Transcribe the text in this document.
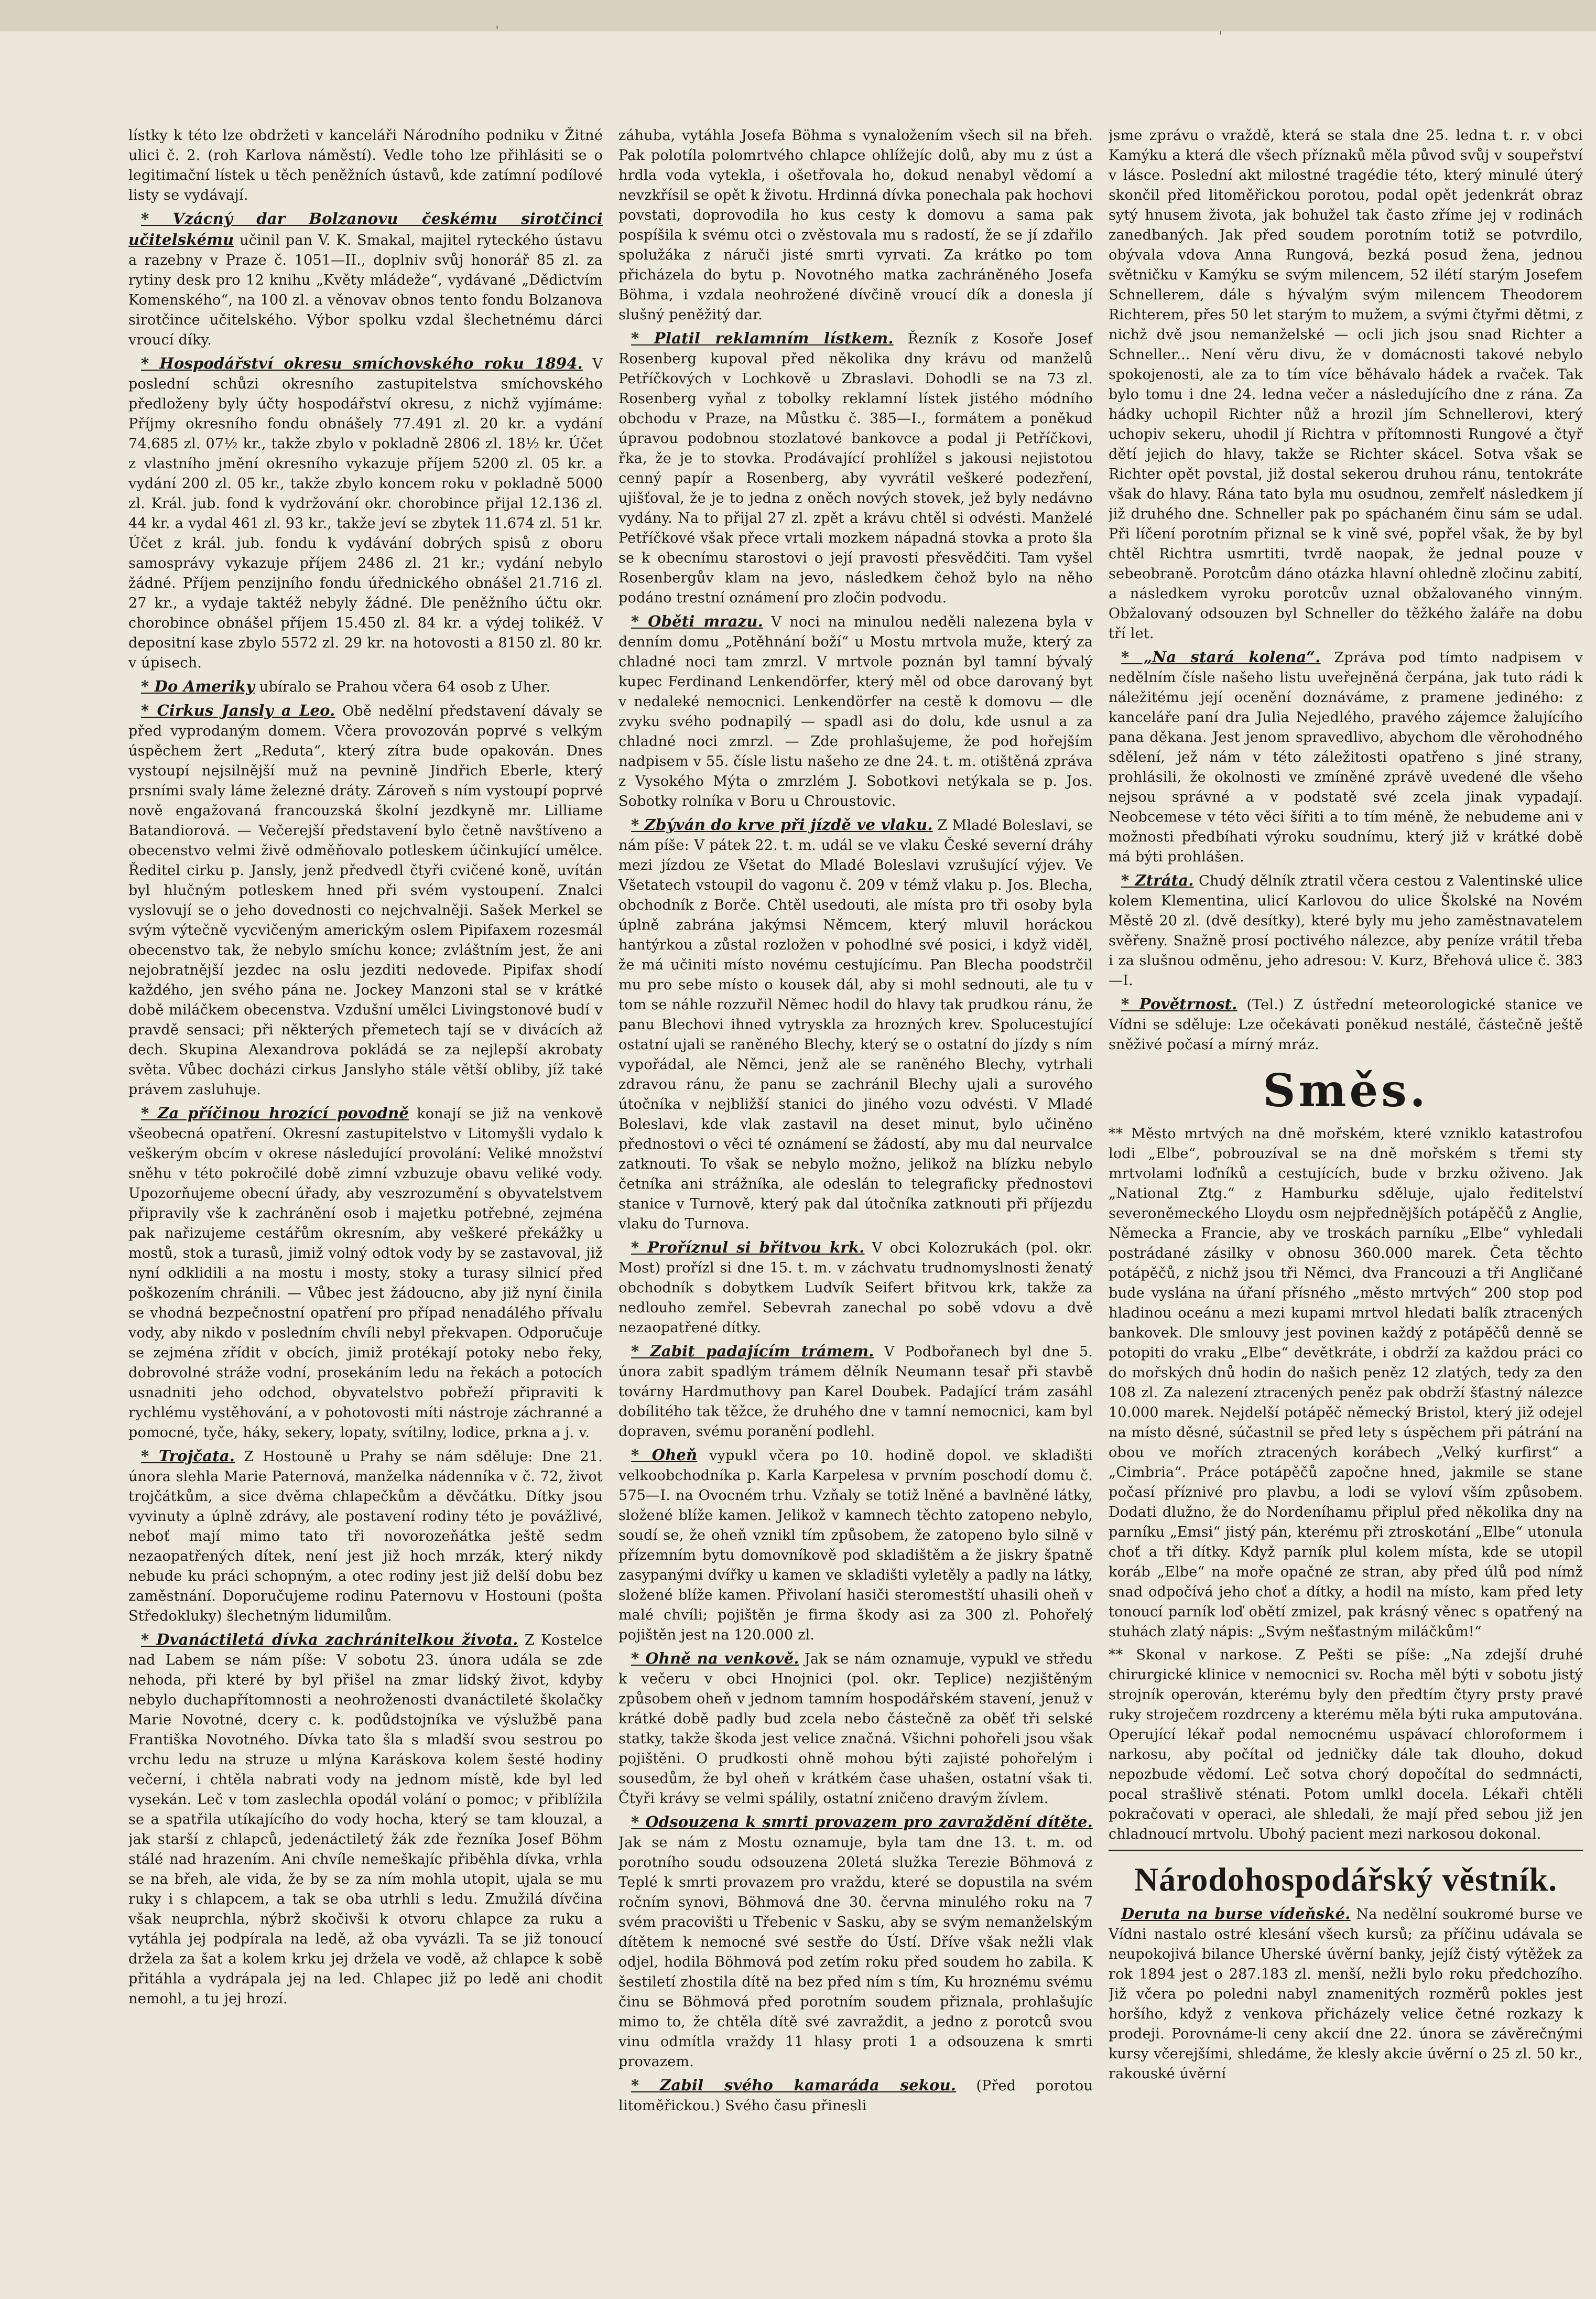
'	'

lístky k této lze obdržeti v kanceláři Národního podniku v Žitné ulici č. 2. (roh Karlova náměstí). Vedle toho lze přihlásiti se o legitimační lístek u těch peněžních ústavů, kde zatímní podílové listy se vydávají.

* Vzácný dar Bolzanovu českému sirotčinci učitelskému učinil pan V. K. Smakal, majitel ryteckého ústavu a razebny v Praze č. 1051—II., doplniv svůj honorář 85 zl. za rytiny desk pro 12 knihu „Květy mládeže“, vydávané „Dědictvím Komenského“, na 100 zl. a věnovav obnos tento fondu Bolzanova sirotčince učitelského. Výbor spolku vzdal šlechetnému dárci vroucí díky.

* Hospodářství okresu smíchovského roku 1894. V poslední schůzi okresního zastupitelstva smíchovského předloženy byly účty hospodářství okresu, z nichž vyjímáme: Příjmy okresního fondu obnášely 77.491 zl. 20 kr. a vydání 74.685 zl. 07½ kr., takže zbylo v pokladně 2806 zl. 18½ kr. Účet z vlastního jmění okresního vykazuje příjem 5200 zl. 05 kr. a vydání 200 zl. 05 kr., takže zbylo koncem roku v pokladně 5000 zl. Král. jub. fond k vydržování okr. chorobince přijal 12.136 zl. 44 kr. a vydal 461 zl. 93 kr., takže jeví se zbytek 11.674 zl. 51 kr. Účet z král. jub. fondu k vydávání dobrých spisů z oboru samosprávy vykazuje příjem 2486 zl. 21 kr.; vydání nebylo žádné. Příjem penzijního fondu úřednického obnášel 21.716 zl. 27 kr., a vydaje taktéž nebyly žádné. Dle peněžního účtu okr. chorobince obnášel příjem 15.450 zl. 84 kr. a výdej tolikéž. V depositní kase zbylo 5572 zl. 29 kr. na hotovosti a 8150 zl. 80 kr. v úpisech.

* Do Ameriky ubíralo se Prahou včera 64 osob z Uher.

* Cirkus Jansly a Leo. Obě nedělní představení dávaly se před vyprodaným domem. Včera provozován poprvé s velkým úspěchem žert „Reduta“, který zítra bude opakován. Dnes vystoupí nejsilnější muž na pevnině Jindřich Eberle, který prsními svaly láme železné dráty. Zároveň s ním vystoupí poprvé nově engažovaná francouzská školní jezdkyně mr. Lilliame Batandiorová. — Večerejší představení bylo četně navštíveno a obecenstvo velmi živě odměňovalo potleskem účinkující umělce. Ředitel cirku p. Jansly, jenž předvedl čtyři cvičené koně, uvítán byl hlučným potleskem hned při svém vystoupení. Znalci vyslovují se o jeho dovednosti co nejchvalněji. Sašek Merkel se svým výtečně vycvičeným americkým oslem Pipifaxem rozesmál obecenstvo tak, že nebylo smíchu konce; zvláštním jest, že ani nejobratnější jezdec na oslu jezditi nedovede. Pipifax shodí každého, jen svého pána ne. Jockey Manzoni stal se v krátké době miláčkem obecenstva. Vzdušní umělci Livingstonové budí v pravdě sensaci; při některých přemetech tají se v divácích až dech. Skupina Alexandrova pokládá se za nejlepší akrobaty světa. Vůbec docházi cirkus Janslyho stále větší obliby, jíž také právem zasluhuje.

* Za příčinou hrozící povodně konají se již na venkově všeobecná opatření. Okresní zastupitelstvo v Litomyšli vydalo k veškerým obcím v okrese následující provolání: Veliké množství sněhu v této pokročilé době zimní vzbuzuje obavu veliké vody. Upozorňujeme obecní úřady, aby veszrozumění s obyvatelstvem připravily vše k zachránění osob i majetku potřebné, zejména pak nařizujeme cestářům okresním, aby veškeré překážky u mostů, stok a turasů, jimiž volný odtok vody by se zastavoval, již nyní odklidili a na mostu i mosty, stoky a turasy silnicí před poškozením chránili. — Vůbec jest žádoucno, aby již nyní činila se vhodná bezpečnostní opatření pro případ nenadálého přívalu vody, aby nikdo v posledním chvíli nebyl překvapen. Odporučuje se zejména zřídit v obcích, jimiž protékají potoky nebo řeky, dobrovolné stráže vodní, prosekáním ledu na řekách a potocích usnadniti jeho odchod, obyvatelstvo pobřeží připraviti k rychlému vystěhování, a v pohotovosti míti nástroje záchranné a pomocné, tyče, háky, sekery, lopaty, svítilny, lodice, prkna a j. v.

* Trojčata. Z Hostouně u Prahy se nám sděluje: Dne 21. února slehla Marie Paternová, manželka nádenníka v č. 72, život trojčátkům, a sice dvěma chlapečkům a děvčátku. Dítky jsou vyvinuty a úplně zdrávy, ale postavení rodiny této je povážlivé, neboť mají mimo tato tři novorozeňátka ještě sedm nezaopatřených dítek, není jest již hoch mrzák, který nikdy nebude ku práci schopným, a otec rodiny jest již delší dobu bez zaměstnání. Doporučujeme rodinu Paternovu v Hostouni (pošta Středokluky) šlechetným lidumilům.

* Dvanáctiletá dívka zachránitelkou života. Z Kostelce nad Labem se nám píše: V sobotu 23. února udála se zde nehoda, při které by byl přišel na zmar lidský život, kdyby nebylo duchapřítomnosti a neohroženosti dvanáctileté školačky Marie Novotné, dcery c. k. podůdstojníka ve výslužbě pana Františka Novotného. Dívka tato šla s mladší svou sestrou po vrchu ledu na struze u mlýna Karáskova kolem šesté hodiny večerní, i chtěla nabrati vody na jednom místě, kde byl led vysekán. Leč v tom zaslechla opodál volání o pomoc; v přiblížila se a spatřila utíkajícího do vody hocha, který se tam klouzal, a jak starší z chlapců, jedenáctiletý žák zde řezníka Josef Böhm stálé nad hrazením. Ani chvíle nemeškajíc přiběhla dívka, vrhla se na břeh, ale vida, že by se za ním mohla utopit, ujala se mu ruky i s chlapcem, a tak se oba utrhli s ledu. Zmužilá dívčina však neuprchla, nýbrž skočivši k otvoru chlapce za ruku a vytáhla jej podpírala na ledě, až oba vyvázli. Ta se již tonoucí držela za šat a kolem krku jej držela ve vodě, až chlapce k sobě přitáhla a vydrápala jej na led. Chlapec již po ledě ani chodit nemohl, a tu jej hrozí.

záhuba, vytáhla Josefa Böhma s vynaložením všech sil na břeh. Pak polotíla polomrtvého chlapce ohlížejíc dolů, aby mu z úst a hrdla voda vytekla, i ošetřovala ho, dokud nenabyl vědomí a nevzkřísil se opět k životu. Hrdinná dívka ponechala pak hochovi povstati, doprovodila ho kus cesty k domovu a sama pak pospíšila k svému otci o zvěstovala mu s radostí, že se jí zdařilo spolužáka z náruči jisté smrti vyrvati. Za krátko po tom přicházela do bytu p. Novotného matka zachráněného Josefa Böhma, i vzdala neohrožené dívčině vroucí dík a donesla jí slušný peněžitý dar.

* Platil reklamním lístkem. Řezník z Kosoře Josef Rosenberg kupoval před několika dny krávu od manželů Petříčkových v Lochkově u Zbraslavi. Dohodli se na 73 zl. Rosenberg vyňal z tobolky reklamní lístek jistého módního obchodu v Praze, na Můstku č. 385—I., formátem a poněkud úpravou podobnou stozlatové bankovce a podal ji Petříčkovi, řka, že je to stovka. Prodávající prohlížel s jakousi nejistotou cenný papír a Rosenberg, aby vyvrátil veškeré podezření, ujišťoval, že je to jedna z oněch nových stovek, jež byly nedávno vydány. Na to přijal 27 zl. zpět a krávu chtěl si odvésti. Manželé Petříčkové však přece vrtali mozkem nápadná stovka a proto šla se k obecnímu starostovi o její pravosti přesvědčiti. Tam vyšel Rosenbergův klam na jevo, následkem čehož bylo na něho podáno trestní oznámení pro zločin podvodu.

* Oběti mrazu. V noci na minulou neděli nalezena byla v denním domu „Potěhnání boží“ u Mostu mrtvola muže, který za chladné noci tam zmrzl. V mrtvole poznán byl tamní bývalý kupec Ferdinand Lenkendörfer, který měl od obce darovaný byt v nedaleké nemocnici. Lenkendörfer na cestě k domovu — dle zvyku svého podnapilý — spadl asi do dolu, kde usnul a za chladné noci zmrzl. — Zde prohlašujeme, že pod hořejším nadpisem v 55. čísle listu našeho ze dne 24. t. m. otištěná zpráva z Vysokého Mýta o zmrzlém J. Sobotkovi netýkala se p. Jos. Sobotky rolníka v Boru u Chroustovic.

* Zbýván do krve při jízdě ve vlaku. Z Mladé Boleslavi, se nám píše: V pátek 22. t. m. udál se ve vlaku České severní dráhy mezi jízdou ze Všetat do Mladé Boleslavi vzrušující výjev. Ve Všetatech vstoupil do vagonu č. 209 v témž vlaku p. Jos. Blecha, obchodník z Borče. Chtěl usedouti, ale místa pro tři osoby byla úplně zabrána jakýmsi Němcem, který mluvil horáckou hantýrkou a zůstal rozložen v pohodlné své posici, i když viděl, že má učiniti místo novému cestujícímu. Pan Blecha poodstrčil mu pro sebe místo o kousek dál, aby si mohl sednouti, ale tu v tom se náhle rozzuřil Němec hodil do hlavy tak prudkou ránu, že panu Blechovi ihned vytryskla za hrozných krev. Spolucestující ostatní ujali se raněného Blechy, který se o ostatní do jízdy s ním vypořádal, ale Němci, jenž ale se raněného Blechy, vytrhali zdravou ránu, že panu se zachránil Blechy ujali a surového útočníka v nejbližší stanici do jiného vozu odvésti. V Mladé Boleslavi, kde vlak zastavil na deset minut, bylo učiněno přednostovi o věci té oznámení se žádostí, aby mu dal neurvalce zatknouti. To však se nebylo možno, jelikož na blízku nebylo četníka ani strážníka, ale odeslán to telegraficky přednostovi stanice v Turnově, který pak dal útočníka zatknouti při příjezdu vlaku do Turnova.

* Proříznul si břitvou krk. V obci Kolozrukách (pol. okr. Most) prořízl si dne 15. t. m. v záchvatu trudnomyslnosti ženatý obchodník s dobytkem Ludvík Seifert břitvou krk, takže za nedlouho zemřel. Sebevrah zanechal po sobě vdovu a dvě nezaopatřené dítky.

* Zabit padajícím trámem. V Podbořanech byl dne 5. února zabit spadlým trámem dělník Neumann tesař při stavbě továrny Hardmuthovy pan Karel Doubek. Padající trám zasáhl dobílitého tak těžce, že druhého dne v tamní nemocnici, kam byl dopraven, svému poranění podlehl.

* Oheň vypukl včera po 10. hodině dopol. ve skladišti velkoobchodníka p. Karla Karpelesa v prvním poschodí domu č. 575—I. na Ovocném trhu. Vzňaly se totiž lněné a bavlněné látky, složené blíže kamen. Jelikož v kamnech těchto zatopeno nebylo, soudí se, že oheň vznikl tím způsobem, že zatopeno bylo silně v přízemním bytu domovníkově pod skladištěm a že jiskry špatně zasypanými dvířky u kamen ve skladišti vyletěly a padly na látky, složené blíže kamen. Přivolaní hasiči steromestští uhasili oheň v malé chvíli; pojištěn je firma škody asi za 300 zl. Pohořelý pojištěn jest na 120.000 zl.

* Ohně na venkově. Jak se nám oznamuje, vypukl ve středu k večeru v obci Hnojnici (pol. okr. Teplice) nezjištěným způsobem oheň v jednom tamním hospodářském stavení, jenuž v krátké době padly bud zcela nebo částečně za oběť tři selské statky, takže škoda jest velice značná. Všichni pohořeli jsou však pojištěni. O prudkosti ohně mohou býti zajisté pohořelým i sousedům, že byl oheň v krátkém čase uhašen, ostatní však ti. Čtyři krávy se velmi spálily, ostatní zničeno dravým žívlem.

* Odsouzena k smrti provazem pro zavraždění dítěte. Jak se nám z Mostu oznamuje, byla tam dne 13. t. m. od porotního soudu odsouzena 20letá služka Terezie Böhmová z Teplé k smrti provazem pro vraždu, které se dopustila na svém ročním synovi, Böhmová dne 30. června minulého roku na 7 svém pracovišti u Třebenic v Sasku, aby se svým nemanželským dítětem k nemocné své sestře do Ústí. Dříve však nežli vlak odjel, hodila Böhmová pod zetím roku před soudem ho zabila. K šestiletí zhostila dítě na bez před ním s tím, Ku hroznému svému činu se Böhmová před porotním soudem přiznala, prohlašujíc mimo to, že chtěla dítě své zavraždit, a jedno z porotců svou vinu odmítla vraždy 11 hlasy proti 1 a odsouzena k smrti provazem.

* Zabil svého kamaráda sekou. (Před porotou litoměřickou.) Svého času přinesli

jsme zprávu o vraždě, která se stala dne 25. ledna t. r. v obci Kamýku a která dle všech příznaků měla původ svůj v soupeřství v lásce. Poslední akt milostné tragédie této, který minulé úterý skončil před litoměřickou porotou, podal opět jedenkrát obraz sytý hnusem života, jak bohužel tak často zříme jej v rodinách zanedbaných. Jak před soudem porotním totiž se potvrdilo, obývala vdova Anna Rungová, bezká posud žena, jednou světničku v Kamýku se svým milencem, 52 ilétí starým Josefem Schnellerem, dále s hývalým svým milencem Theodorem Richterem, přes 50 let starým to mužem, a svými čtyřmi dětmi, z nichž dvě jsou nemanželské — ocli jich jsou snad Richter a Schneller... Není věru divu, že v domácnosti takové nebylo spokojenosti, ale za to tím více běhávalo hádek a rvaček. Tak bylo tomu i dne 24. ledna večer a následujícího dne z rána. Za hádky uchopil Richter nůž a hrozil jím Schnellerovi, který uchopiv sekeru, uhodil jí Richtra v přítomnosti Rungové a čtyř dětí jejich do hlavy, takže se Richter skácel. Sotva však se Richter opět povstal, již dostal sekerou druhou ránu, tentokráte však do hlavy. Rána tato byla mu osudnou, zemřelť následkem jí již druhého dne. Schneller pak po spáchaném činu sám se udal. Při líčení porotním přiznal se k vině své, popřel však, že by byl chtěl Richtra usmrtiti, tvrdě naopak, že jednal pouze v sebeobraně. Porotcům dáno otázka hlavní ohledně zločinu zabití, a následkem vyroku porotcův uznal obžalovaného vinným. Obžalovaný odsouzen byl Schneller do těžkého žaláře na dobu tří let.

* „Na stará kolena“. Zpráva pod tímto nadpisem v nedělním čísle našeho listu uveřejněná čerpána, jak tuto rádi k náležitému její ocenění doznáváme, z pramene jediného: z kanceláře paní dra Julia Nejedlého, pravého zájemce žalujícího pana děkana. Jest jenom spravedlivo, abychom dle věrohodného sdělení, jež nám v této záležitosti opatřeno s jiné strany, prohlásili, že okolnosti ve zmíněné zprávě uvedené dle všeho nejsou správné a v podstatě své zcela jinak vypadají. Neobcemese v této věci šířiti a to tím méně, že nebudeme ani v možnosti předbíhati výroku soudnímu, který již v krátké době má býti prohlášen.

* Ztráta. Chudý dělník ztratil včera cestou z Valentinské ulice kolem Klementina, ulicí Karlovou do ulice Školské na Novém Městě 20 zl. (dvě desítky), které byly mu jeho zaměstnavatelem svěřeny. Snažně prosí poctivého nálezce, aby peníze vrátil třeba i za slušnou odměnu, jeho adresou: V. Kurz, Břehová ulice č. 383—I.

* Povětrnost. (Tel.) Z ústřední meteorologické stanice ve Vídni se sděluje: Lze očekávati poněkud nestálé, částečně ještě sněživé počasí a mírný mráz.

Směs.

** Město mrtvých na dně mořském, které vzniklo katastrofou lodi „Elbe“, pobrouzíval se na dně mořském s třemi sty mrtvolami loďníků a cestujících, bude v brzku oživeno. Jak „National Ztg.“ z Hamburku sděluje, ujalo ředitelství severoněmeckého Lloydu osm nejpřednějších potápěčů z Anglie, Německa a Francie, aby ve troskách parníku „Elbe“ vyhledali postrádané zásilky v obnosu 360.000 marek. Četa těchto potápěčů, z nichž jsou tři Němci, dva Francouzi a tři Angličané bude vyslána na úřaní přísného „město mrtvých“ 200 stop pod hladinou oceánu a mezi kupami mrtvol hledati balík ztracených bankovek. Dle smlouvy jest povinen každý z potápěčů denně se potopiti do vraku „Elbe“ devětkráte, i obdrží za každou práci co do mořských dnů hodin do našich peněz 12 zlatých, tedy za den 108 zl. Za nalezení ztracených peněz pak obdrží šťastný nálezce 10.000 marek. Nejdelší potápěč německý Bristol, který již odejel na místo děsné, súčastnil se před lety s úspěchem při pátrání na obou ve mořích ztracených korábech „Velký kurfirst“ a „Cimbria“. Práce potápěčů započne hned, jakmile se stane počasí příznivé pro plavbu, a lodi se vyloví vším způsobem. Dodati dlužno, že do Nordeníhamu připlul před několika dny na parníku „Emsi“ jistý pán, kterému při ztroskotání „Elbe“ utonula choť a tři dítky. Když parník plul kolem místa, kde se utopil koráb „Elbe“ na moře opačné ze stran, aby před úlů pod nímž snad odpočívá jeho choť a dítky, a hodil na místo, kam před lety tonoucí parník loď obětí zmizel, pak krásný věnec s opatřený na stuhách zlatý nápis: „Svým nešťastným miláčkům!“

** Skonal v narkose. Z Pešti se píše: „Na zdejší druhé chirurgické klinice v nemocnici sv. Rocha měl býti v sobotu jistý strojník operován, kterému byly den předtím čtyry prsty pravé ruky stroječem rozdrceny a kterému měla býti ruka amputována. Operující lékař podal nemocnému uspávací chloroformem i narkosu, aby počítal od jedničky dále tak dlouho, dokud nepozbude vědomí. Leč sotva chorý dopočítal do sedmnácti, pocal strašlivě sténati. Potom umlkl docela. Lékaři chtěli pokračovati v operaci, ale shledali, že mají před sebou již jen chladnoucí mrtvolu. Ubohý pacient mezi narkosou dokonal.

Národohospodářský věstník.

Deruta na burse vídeňské. Na nedělní soukromé burse ve Vídni nastalo ostré klesání všech kursů; za příčinu udávala se neupokojivá bilance Uherské úvěrní banky, jejíž čistý výtěžek za rok 1894 jest o 287.183 zl. menší, nežli bylo roku předchozího. Již včera po poledni nabyl znamenitých rozměrů pokles jest horšího, když z venkova přicházely velice četné rozkazy k prodeji. Porovnáme-li ceny akcií dne 22. února se závěrečnými kursy včerejšími, shledáme, že klesly akcie úvěrní o 25 zl. 50 kr., rakouské úvěrní
